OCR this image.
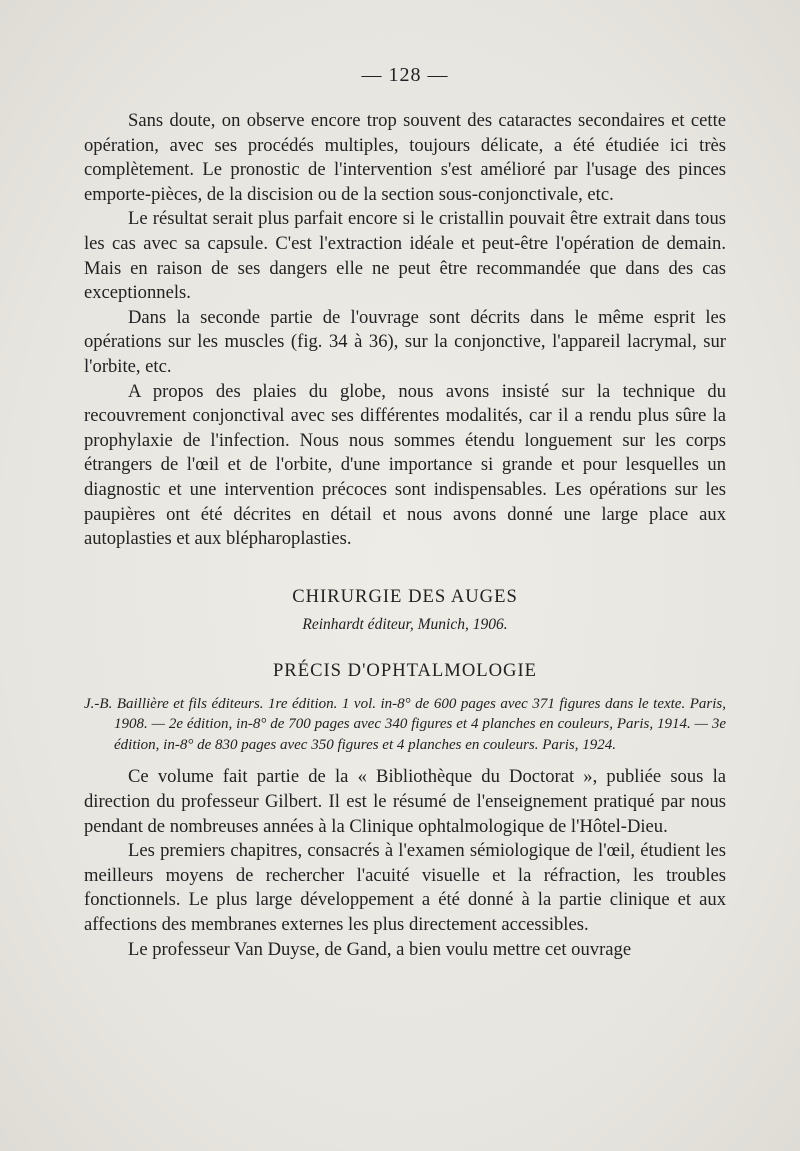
— 128 —

Sans doute, on observe encore trop souvent des cataractes secondaires et cette opération, avec ses procédés multiples, toujours délicate, a été étudiée ici très complètement. Le pronostic de l'intervention s'est amélioré par l'usage des pinces emporte-pièces, de la discision ou de la section sous-conjonctivale, etc.

Le résultat serait plus parfait encore si le cristallin pouvait être extrait dans tous les cas avec sa capsule. C'est l'extraction idéale et peut-être l'opération de demain. Mais en raison de ses dangers elle ne peut être recommandée que dans des cas exceptionnels.

Dans la seconde partie de l'ouvrage sont décrits dans le même esprit les opérations sur les muscles (fig. 34 à 36), sur la conjonctive, l'appareil lacrymal, sur l'orbite, etc.

A propos des plaies du globe, nous avons insisté sur la technique du recouvrement conjonctival avec ses différentes modalités, car il a rendu plus sûre la prophylaxie de l'infection. Nous nous sommes étendu longuement sur les corps étrangers de l'œil et de l'orbite, d'une importance si grande et pour lesquelles un diagnostic et une intervention précoces sont indispensables. Les opérations sur les paupières ont été décrites en détail et nous avons donné une large place aux autoplasties et aux blépharoplasties.

CHIRURGIE DES AUGES
Reinhardt éditeur, Munich, 1906.
PRÉCIS D'OPHTALMOLOGIE

J.-B. Baillière et fils éditeurs. 1re édition. 1 vol. in-8° de 600 pages avec 371 figures dans le texte. Paris, 1908. — 2e édition, in-8° de 700 pages avec 340 figures et 4 planches en couleurs, Paris, 1914. — 3e édition, in-8° de 830 pages avec 350 figures et 4 planches en couleurs. Paris, 1924.

Ce volume fait partie de la « Bibliothèque du Doctorat », publiée sous la direction du professeur Gilbert. Il est le résumé de l'enseignement pratiqué par nous pendant de nombreuses années à la Clinique ophtalmologique de l'Hôtel-Dieu.

Les premiers chapitres, consacrés à l'examen sémiologique de l'œil, étudient les meilleurs moyens de rechercher l'acuité visuelle et la réfraction, les troubles fonctionnels. Le plus large développement a été donné à la partie clinique et aux affections des membranes externes les plus directement accessibles.

Le professeur Van Duyse, de Gand, a bien voulu mettre cet ouvrage
